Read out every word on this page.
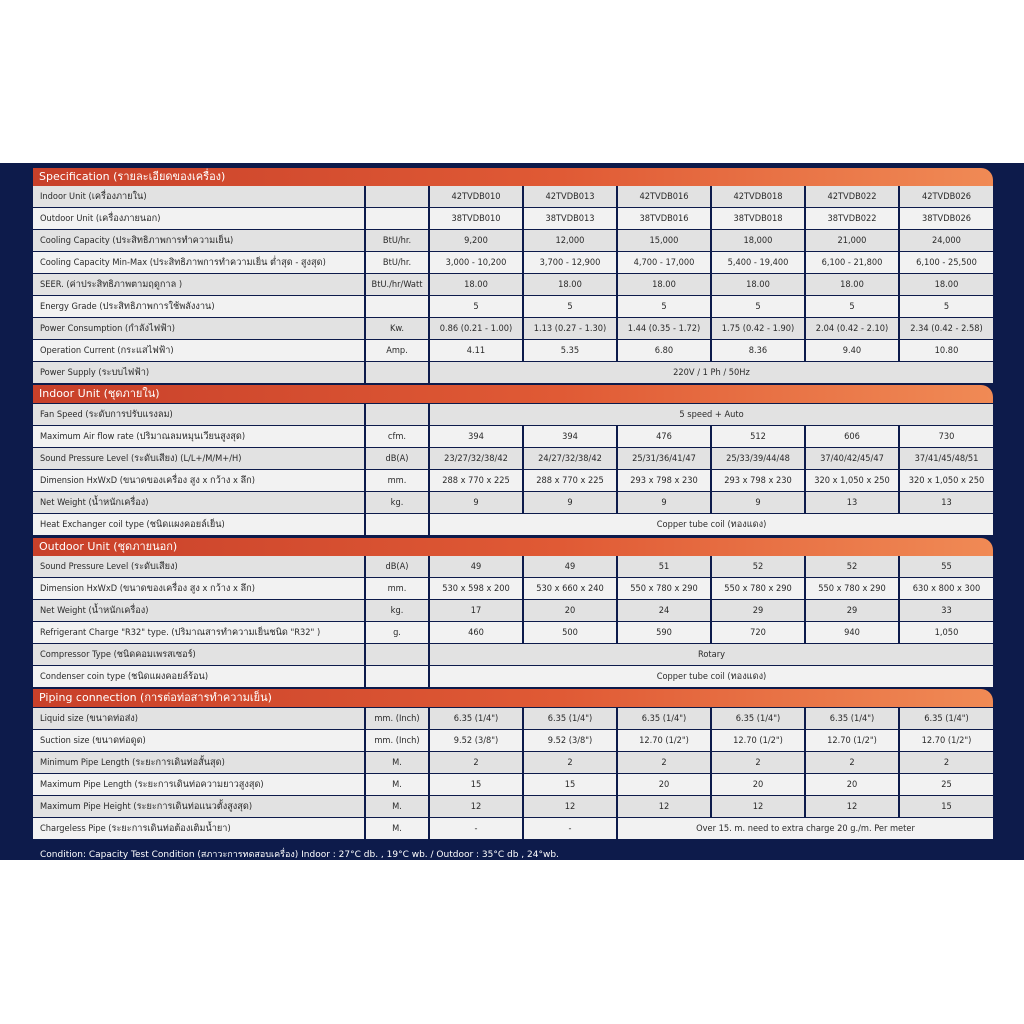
Indoor Unit (เครื่องภายใน)		42TVDB010	42TVDB013	42TVDB016	42TVDB018	42TVDB022	42TVDB026
Outdoor Unit (เครื่องภายนอก)		38TVDB010	38TVDB013	38TVDB016	38TVDB018	38TVDB022	38TVDB026
Cooling Capacity (ประสิทธิภาพการทำความเย็น)	BtU/hr.	9,200	12,000	15,000	18,000	21,000	24,000
Cooling Capacity Min-Max (ประสิทธิภาพการทำความเย็น ต่ำสุด - สูงสุด)	BtU/hr.	3,000 - 10,200	3,700 - 12,900	4,700 - 17,000	5,400 - 19,400	6,100 - 21,800	6,100 - 25,500
SEER. (ค่าประสิทธิภาพตามฤดูกาล )	BtU./hr/Watt	18.00	18.00	18.00	18.00	18.00	18.00
Energy Grade (ประสิทธิภาพการใช้พลังงาน)		5	5	5	5	5	5
Power Consumption (กำลังไฟฟ้า)	Kw.	0.86 (0.21 - 1.00)	1.13 (0.27 - 1.30)	1.44 (0.35 - 1.72)	1.75 (0.42 - 1.90)	2.04 (0.42 - 2.10)	2.34 (0.42 - 2.58)
Operation Current (กระแสไฟฟ้า)	Amp.	4.11	5.35	6.80	8.36	9.40	10.80
Power Supply (ระบบไฟฟ้า)		220V / 1 Ph / 50Hz					
Fan Speed (ระดับการปรับแรงลม)		5 speed + Auto					
Maximum Air flow rate (ปริมาณลมหมุนเวียนสูงสุด)	cfm.	394	394	476	512	606	730
Sound Pressure Level (ระดับเสียง) (L/L+/M/M+/H)	dB(A)	23/27/32/38/42	24/27/32/38/42	25/31/36/41/47	25/33/39/44/48	37/40/42/45/47	37/41/45/48/51
Dimension HxWxD (ขนาดของเครื่อง สูง x กว้าง x ลึก)	mm.	288 x 770 x 225	288 x 770 x 225	293 x 798 x 230	293 x 798 x 230	320 x 1,050 x 250	320 x 1,050 x 250
Net Weight (น้ำหนักเครื่อง)	kg.	9	9	9	9	13	13
Heat Exchanger coil type (ชนิดแผงคอยล์เย็น)		Copper tube coil (ทองแดง)					
Sound Pressure Level (ระดับเสียง)	dB(A)	49	49	51	52	52	55
Dimension HxWxD (ขนาดของเครื่อง สูง x กว้าง x ลึก)	mm.	530 x 598 x 200	530 x 660 x 240	550 x 780 x 290	550 x 780 x 290	550 x 780 x 290	630 x 800 x 300
Net Weight (น้ำหนักเครื่อง)	kg.	17	20	24	29	29	33
Refrigerant Charge "R32" type. (ปริมาณสารทำความเย็นชนิด "R32" )	g.	460	500	590	720	940	1,050
Compressor Type (ชนิดคอมเพรสเซอร์)		Rotary					
Condenser coin type (ชนิดแผงคอยล์ร้อน)		Copper tube coil (ทองแดง)					
Liquid size (ขนาดท่อส่ง)	mm. (Inch)	6.35 (1/4")	6.35 (1/4")	6.35 (1/4")	6.35 (1/4")	6.35 (1/4")	6.35 (1/4")
Suction size (ขนาดท่อดูด)	mm. (Inch)	9.52 (3/8")	9.52 (3/8")	12.70 (1/2")	12.70 (1/2")	12.70 (1/2")	12.70 (1/2")
Minimum Pipe Length (ระยะการเดินท่อสั้นสุด)	M.	2	2	2	2	2	2
Maximum Pipe Length (ระยะการเดินท่อความยาวสูงสุด)	M.	15	15	20	20	20	25
Maximum Pipe Height (ระยะการเดินท่อแนวตั้งสูงสุด)	M.	12	12	12	12	12	15
Chargeless Pipe (ระยะการเดินท่อต้องเติมน้ำยา)	M.	-	-	Over 15. m. need to extra charge 20 g./m. Per meter			
Condition: Capacity Test Condition (สภาวะการทดสอบเครื่อง) Indoor : 27°C db. , 19°C wb. / Outdoor : 35°C db , 24°wb.
Specification (รายละเอียดของเครื่อง)
Indoor Unit (ชุดภายใน)
Outdoor Unit (ชุดภายนอก)
Piping connection (การต่อท่อสารทำความเย็น)
